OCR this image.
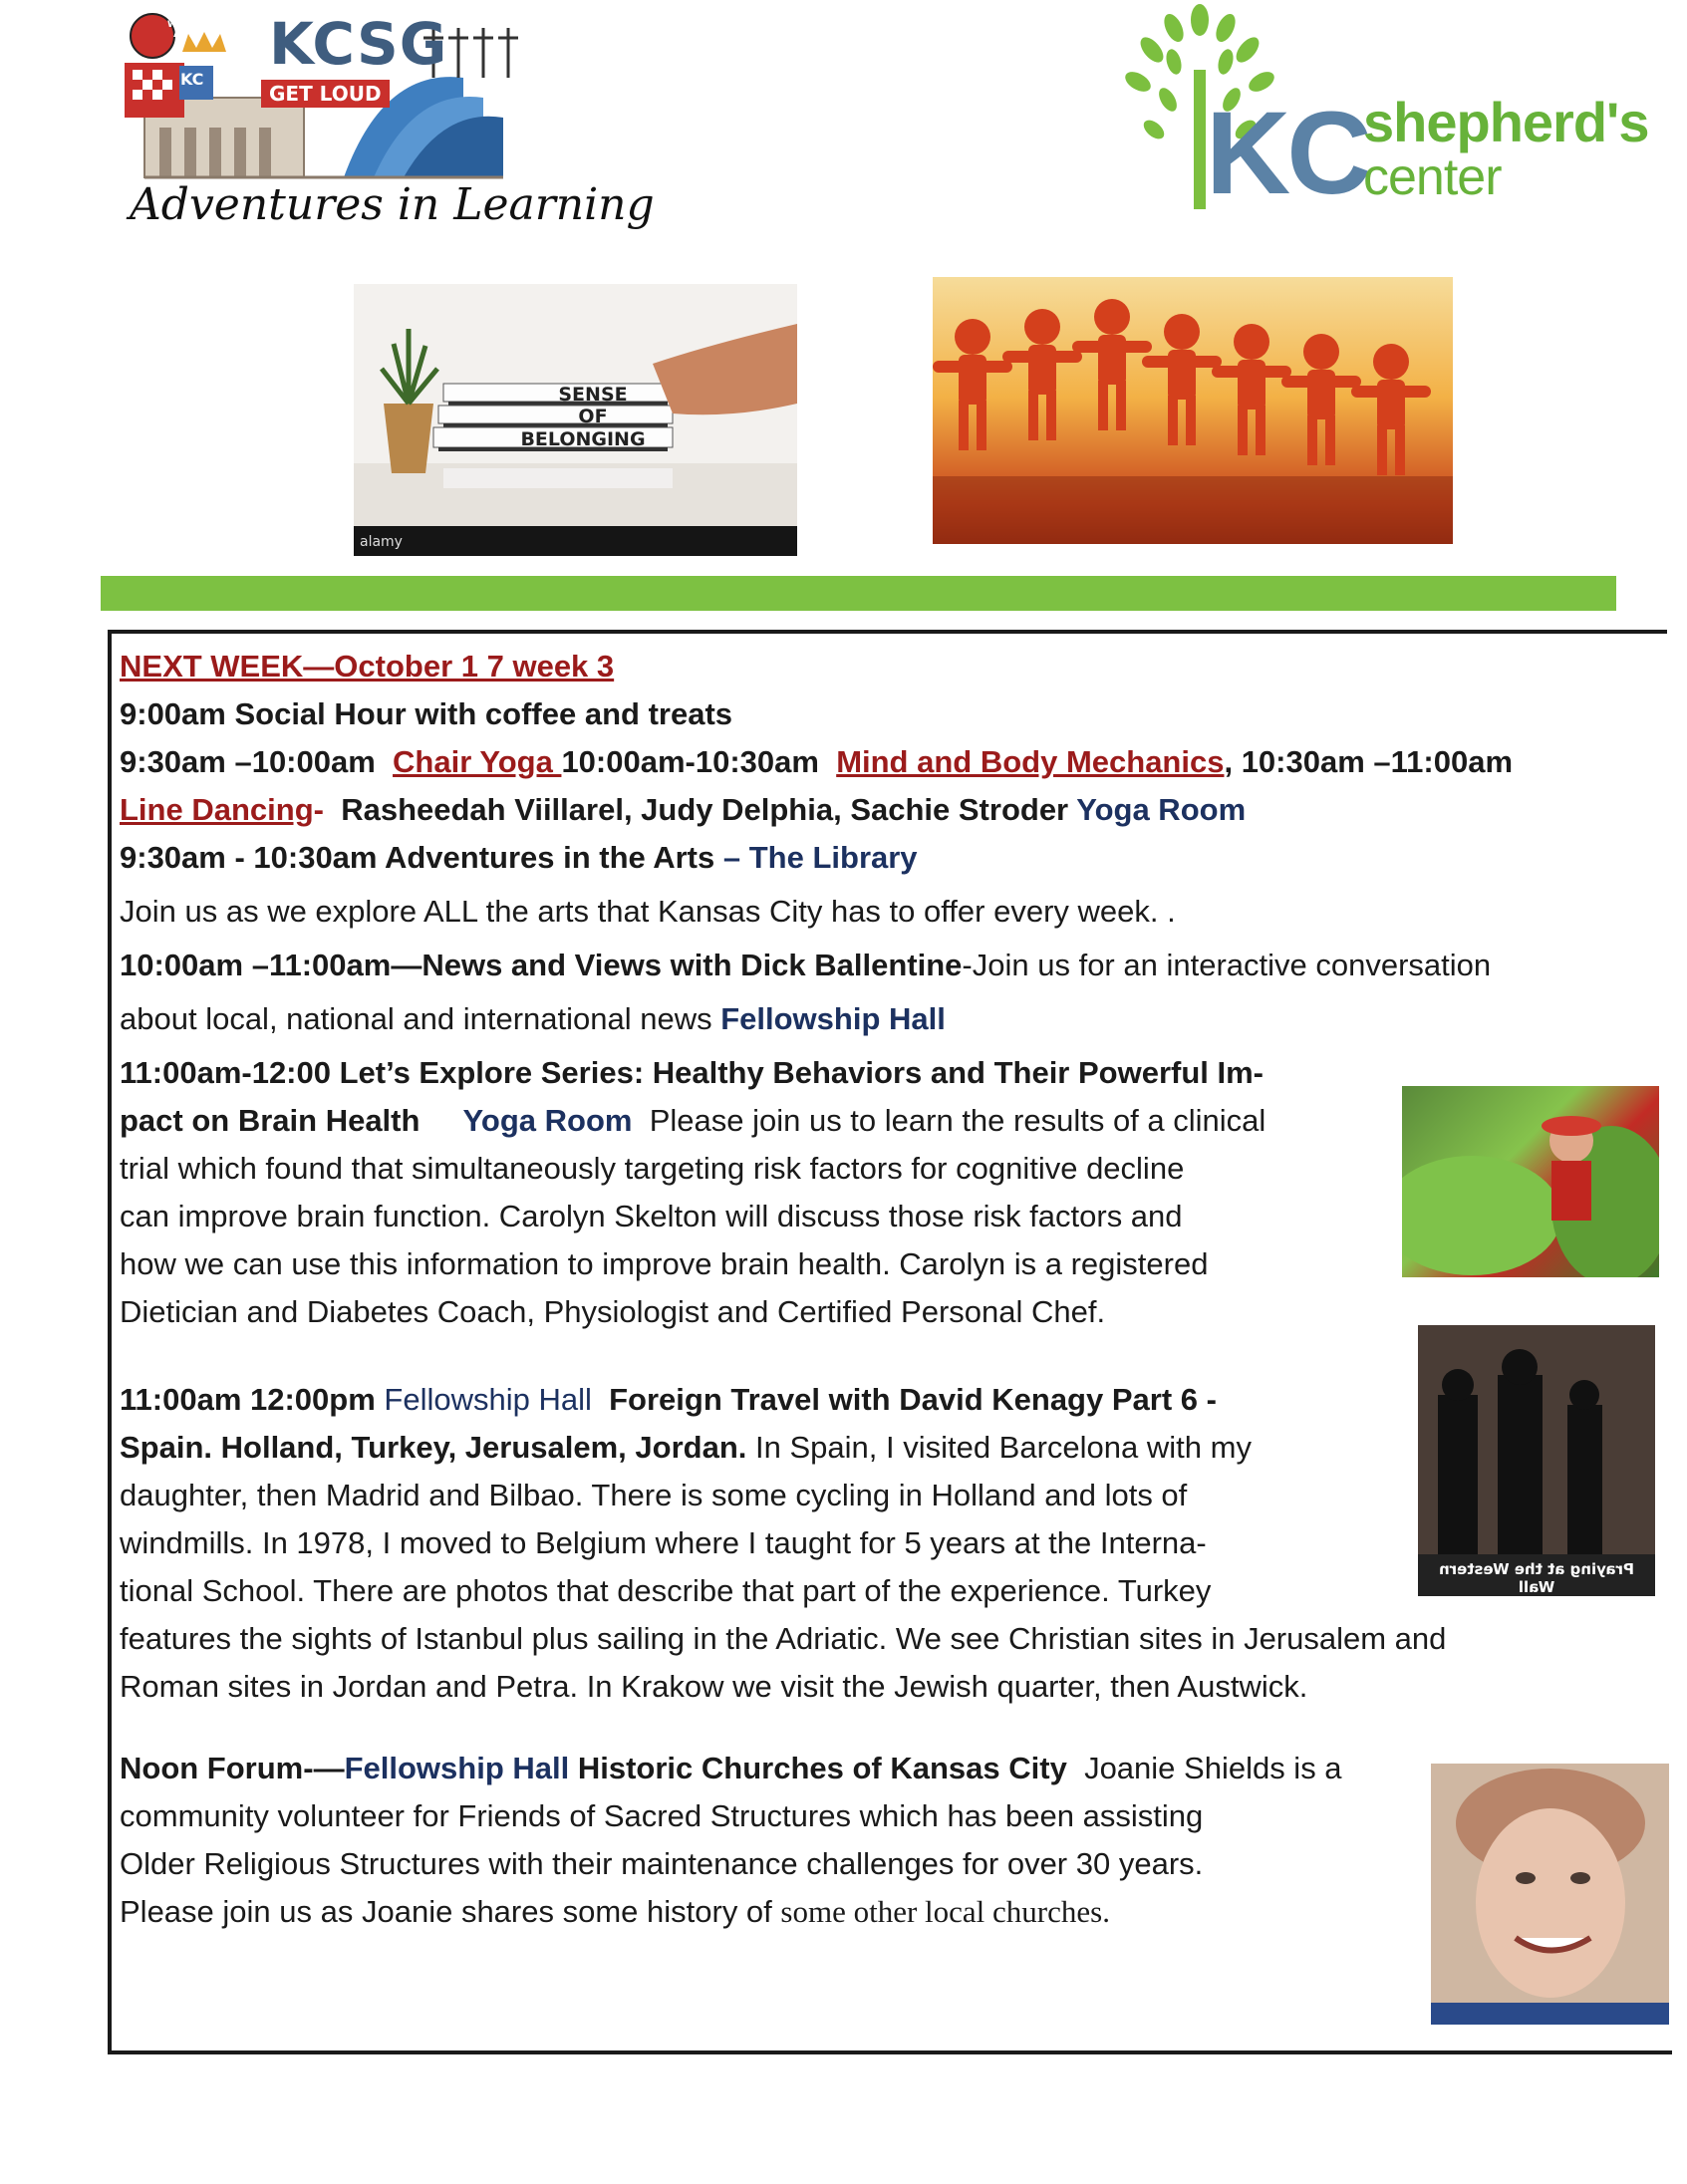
KCSG
GET LOUD
WESTERN AUTO
KC
Adventures in Learning	KC
shepherd's
center
SENSE
OF
BELONGING
alamy
NEXT WEEK—October 1 7 week 3
9:00am Social Hour with coffee and treats
9:30am –10:00am Chair Yoga 10:00am-10:30am Mind and Body Mechanics, 10:30am –11:00am
Line Dancing- Rasheedah Viillarel, Judy Delphia, Sachie Stroder Yoga Room
9:30am - 10:30am Adventures in the Arts – The Library
Join us as we explore ALL the arts that Kansas City has to offer every week. .
10:00am –11:00am—News and Views with Dick Ballentine-Join us for an interactive conversation
about local, national and international news Fellowship Hall
11:00am-12:00 Let’s Explore Series: Healthy Behaviors and Their Powerful Im-
pact on Brain Health Yoga Room Please join us to learn the results of a clinical
trial which found that simultaneously targeting risk factors for cognitive decline
can improve brain function. Carolyn Skelton will discuss those risk factors and
how we can use this information to improve brain health. Carolyn is a registered
Dietician and Diabetes Coach, Physiologist and Certified Personal Chef.
11:00am 12:00pm Fellowship Hall Foreign Travel with David Kenagy Part 6 -
Spain. Holland, Turkey, Jerusalem, Jordan. In Spain, I visited Barcelona with my
daughter, then Madrid and Bilbao. There is some cycling in Holland and lots of
windmills. In 1978, I moved to Belgium where I taught for 5 years at the Interna-
tional School. There are photos that describe that part of the experience. Turkey
features the sights of Istanbul plus sailing in the Adriatic. We see Christian sites in Jerusalem and
Roman sites in Jordan and Petra. In Krakow we visit the Jewish quarter, then Austwick.
Praying at the Western Wall
Noon Forum-—Fellowship Hall Historic Churches of Kansas City Joanie Shields is a
community volunteer for Friends of Sacred Structures which has been assisting
Older Religious Structures with their maintenance challenges for over 30 years.
Please join us as Joanie shares some history of some other local churches.
